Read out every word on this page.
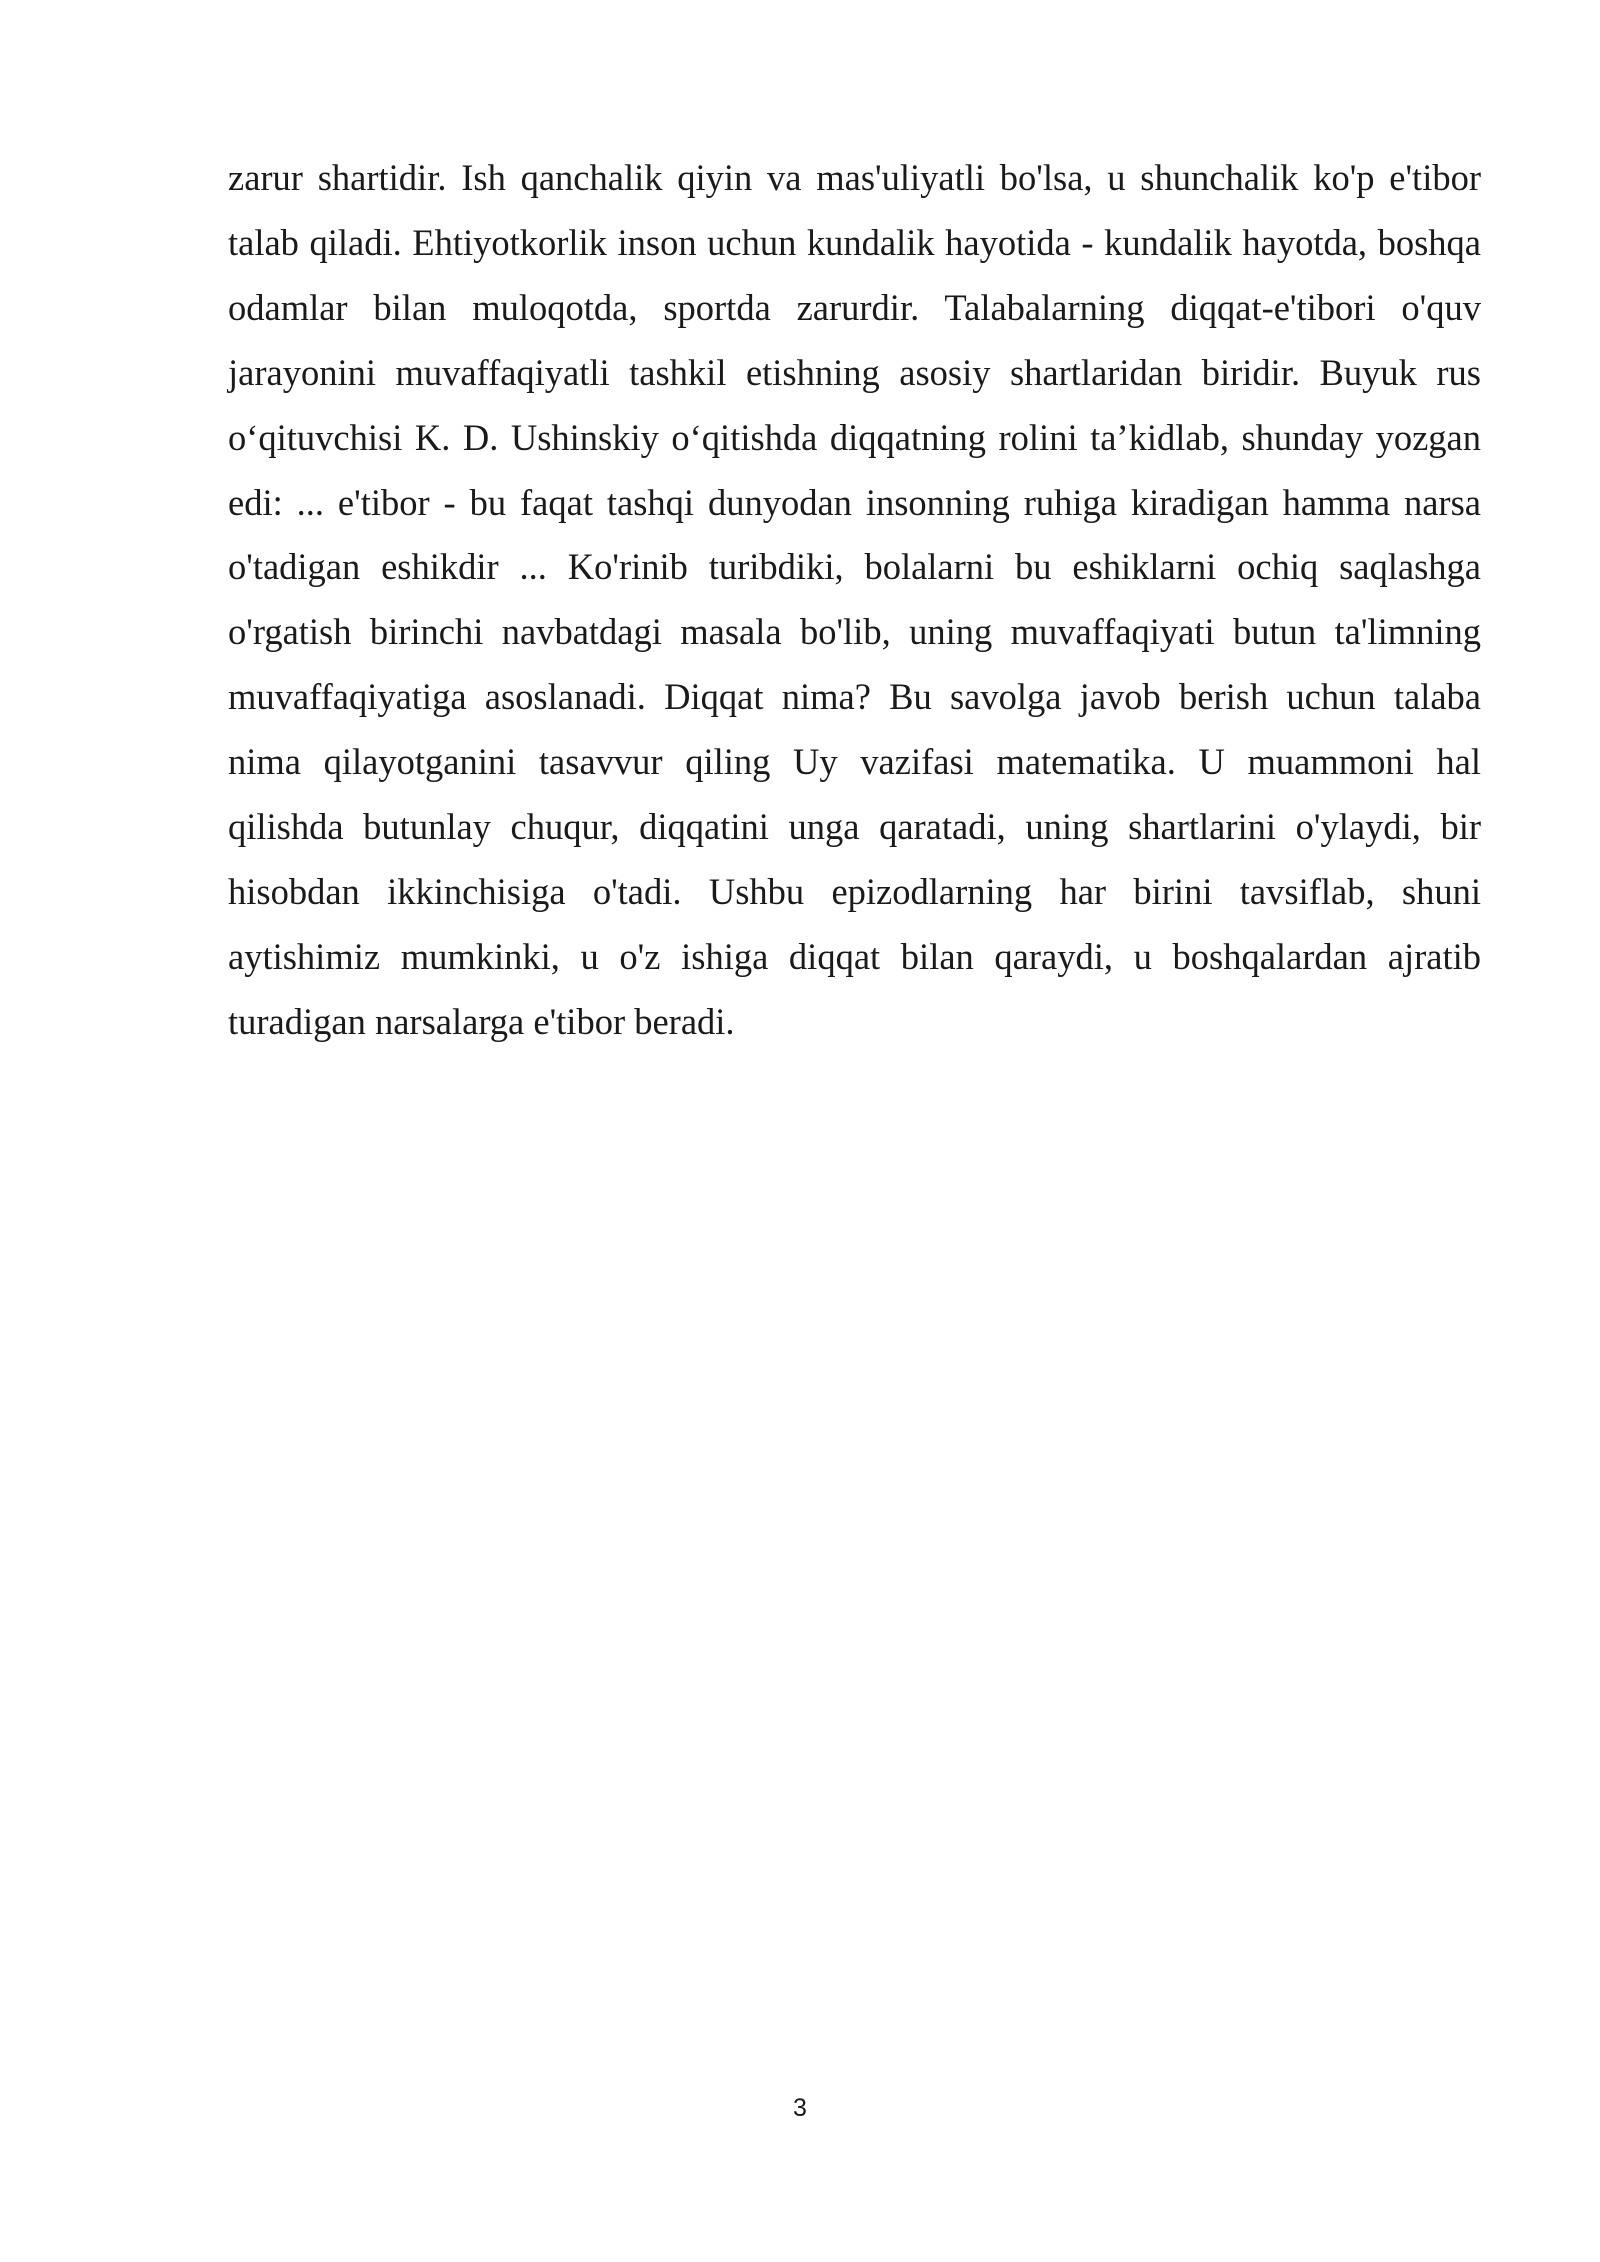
zarur shartidir. Ish qanchalik qiyin va mas'uliyatli bo'lsa, u shunchalik ko'p e'tibor talab qiladi. Ehtiyotkorlik inson uchun kundalik hayotida - kundalik hayotda, boshqa odamlar bilan muloqotda, sportda zarurdir. Talabalarning diqqat-e'tibori o'quv jarayonini muvaffaqiyatli tashkil etishning asosiy shartlaridan biridir. Buyuk rus o‘qituvchisi K. D. Ushinskiy o‘qitishda diqqatning rolini ta’kidlab, shunday yozgan edi: ... e'tibor - bu faqat tashqi dunyodan insonning ruhiga kiradigan hamma narsa o'tadigan eshikdir ... Ko'rinib turibdiki, bolalarni bu eshiklarni ochiq saqlashga o'rgatish birinchi navbatdagi masala bo'lib, uning muvaffaqiyati butun ta'limning muvaffaqiyatiga asoslanadi. Diqqat nima? Bu savolga javob berish uchun talaba nima qilayotganini tasavvur qiling Uy vazifasi matematika. U muammoni hal qilishda butunlay chuqur, diqqatini unga qaratadi, uning shartlarini o'ylaydi, bir hisobdan ikkinchisiga o'tadi. Ushbu epizodlarning har birini tavsiflab, shuni aytishimiz mumkinki, u o'z ishiga diqqat bilan qaraydi, u boshqalardan ajratib turadigan narsalarga e'tibor beradi.

3
